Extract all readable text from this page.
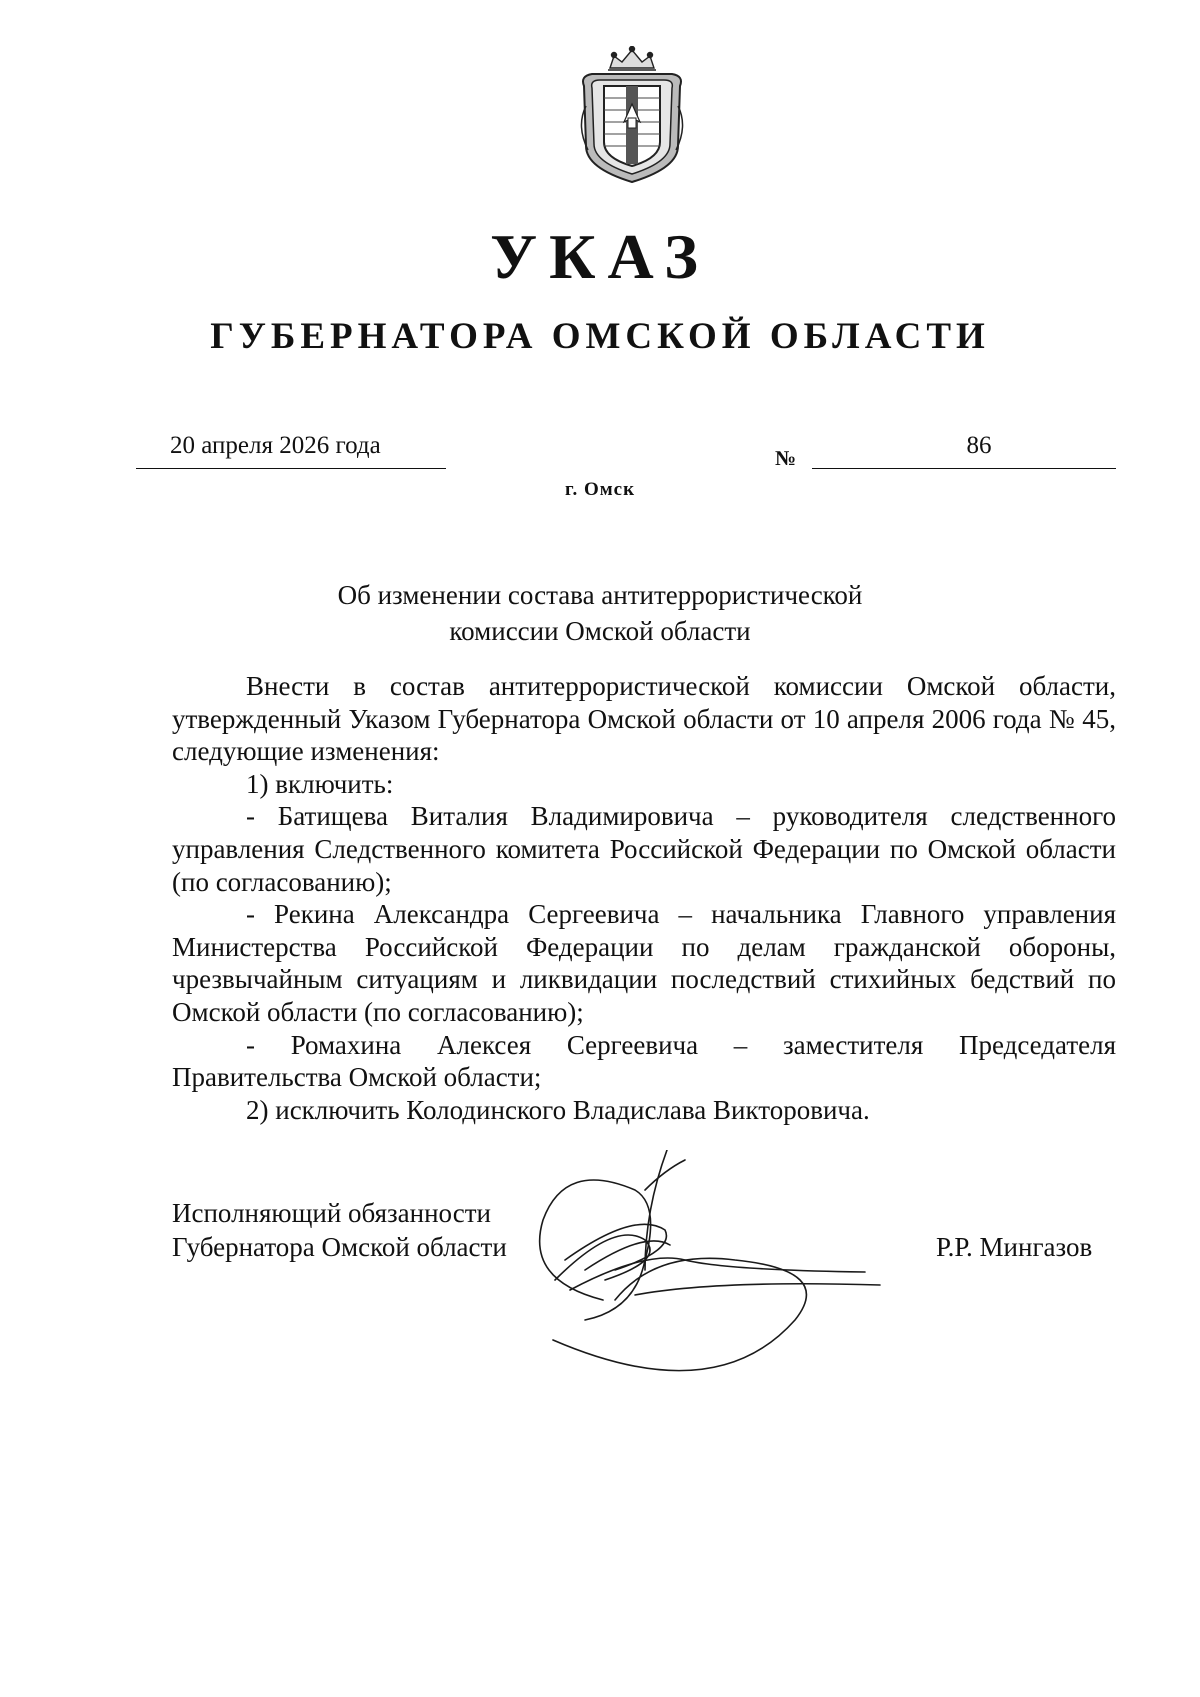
УКАЗ
ГУБЕРНАТОРА ОМСКОЙ ОБЛАСТИ
20 апреля 2026 года	№	86
г. Омск
Об изменении состава антитеррористической
комиссии Омской области

Внести в состав антитеррористической комиссии Омской области, утвержденный Указом Губернатора Омской области от 10 апреля 2006 года № 45, следующие изменения:

1) включить:

- Батищева Виталия Владимировича – руководителя следственного управления Следственного комитета Российской Федерации по Омской области (по согласованию);

- Рекина Александра Сергеевича – начальника Главного управления Министерства Российской Федерации по делам гражданской обороны, чрезвычайным ситуациям и ликвидации последствий стихийных бедствий по Омской области (по согласованию);

- Ромахина Алексея Сергеевича – заместителя Председателя Правительства Омской области;

2) исключить Колодинского Владислава Викторовича.

Исполняющий обязанности
Губернатора Омской области	Р.Р. Мингазов
